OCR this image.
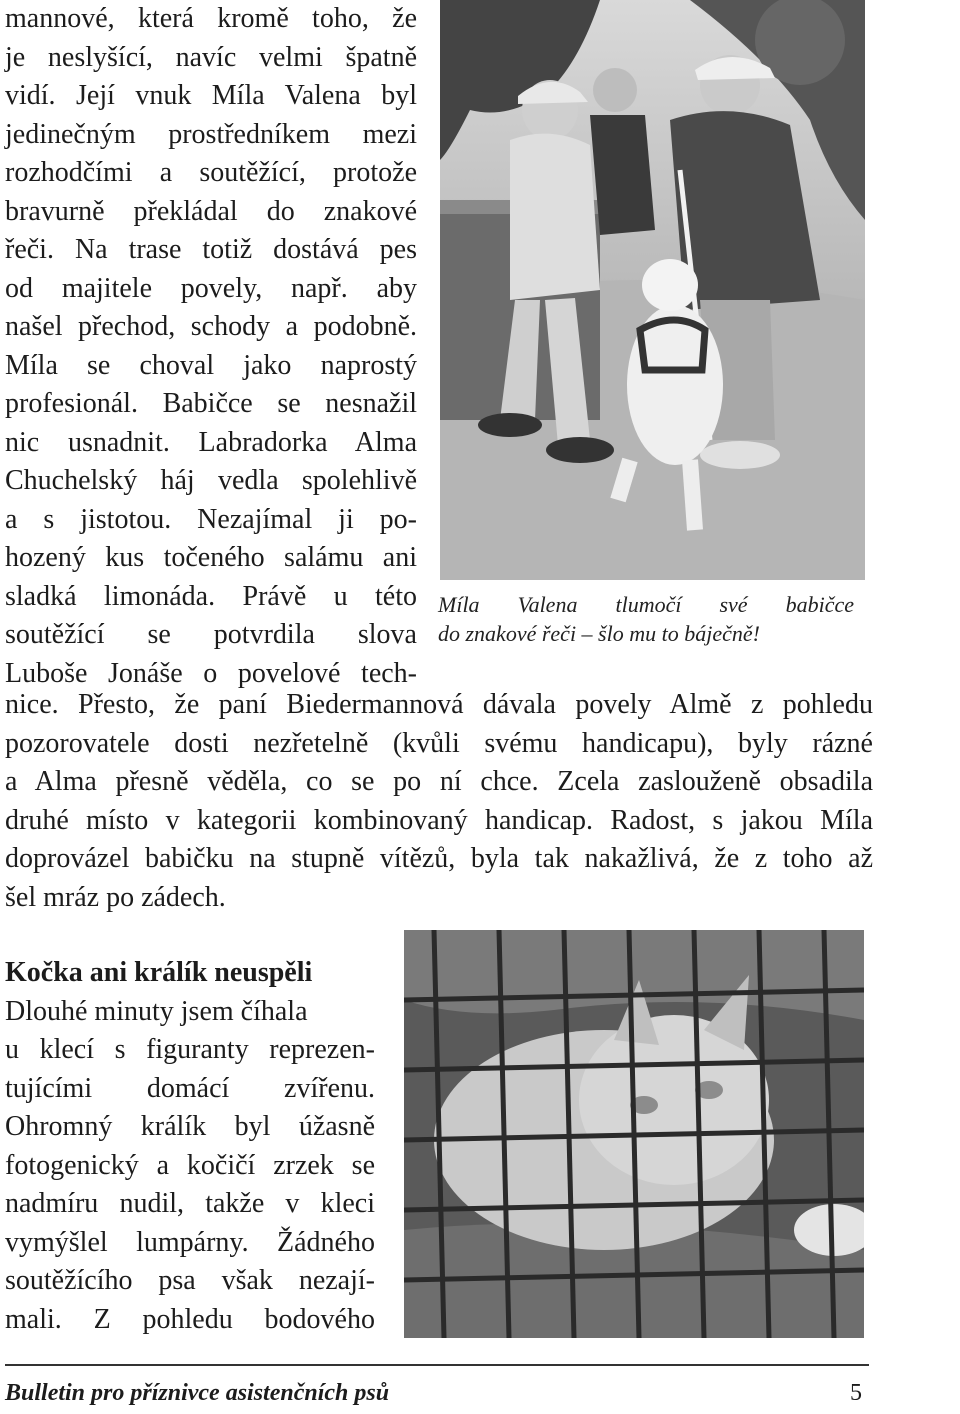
mannové, která kromě toho, že
je neslyšící, navíc velmi špatně
vidí. Její vnuk Míla Valena byl
jedinečným prostředníkem mezi
rozhodčími a soutěžící, protože
bravurně překládal do znakové
řeči. Na trase totiž dostává pes
od majitele povely, např. aby
našel přechod, schody a podobně.
Míla se choval jako naprostý
profesionál. Babičce se nesnažil
nic usnadnit. Labradorka Alma
Chuchelský háj vedla spolehlivě
a s jistotou. Nezajímal ji po-
hozený kus točeného salámu ani
sladká limonáda. Právě u této
soutěžící se potvrdila slova
Luboše Jonáše o povelové tech-
Míla Valena tlumočí své babičce
do znakové řeči – šlo mu to báječně!
nice. Přesto, že paní Biedermannová dávala povely Almě z pohledu
pozorovatele dosti nezřetelně (kvůli svému handicapu), byly rázné
a Alma přesně věděla, co se po ní chce. Zcela zaslouženě obsadila
druhé místo v kategorii kombinovaný handicap. Radost, s jakou Míla
doprovázel babičku na stupně vítězů, byla tak nakažlivá, že z toho až
šel mráz po zádech.
Kočka ani králík neuspěli
Dlouhé minuty jsem číhala
u klecí s figuranty reprezen-
tujícími domácí zvířenu.
Ohromný králík byl úžasně
fotogenický a kočičí zrzek se
nadmíru nudil, takže v kleci
vymýšlel lumpárny. Žádného
soutěžícího psa však nezají-
mali. Z pohledu bodového
Bulletin pro příznivce asistenčních psů	5
